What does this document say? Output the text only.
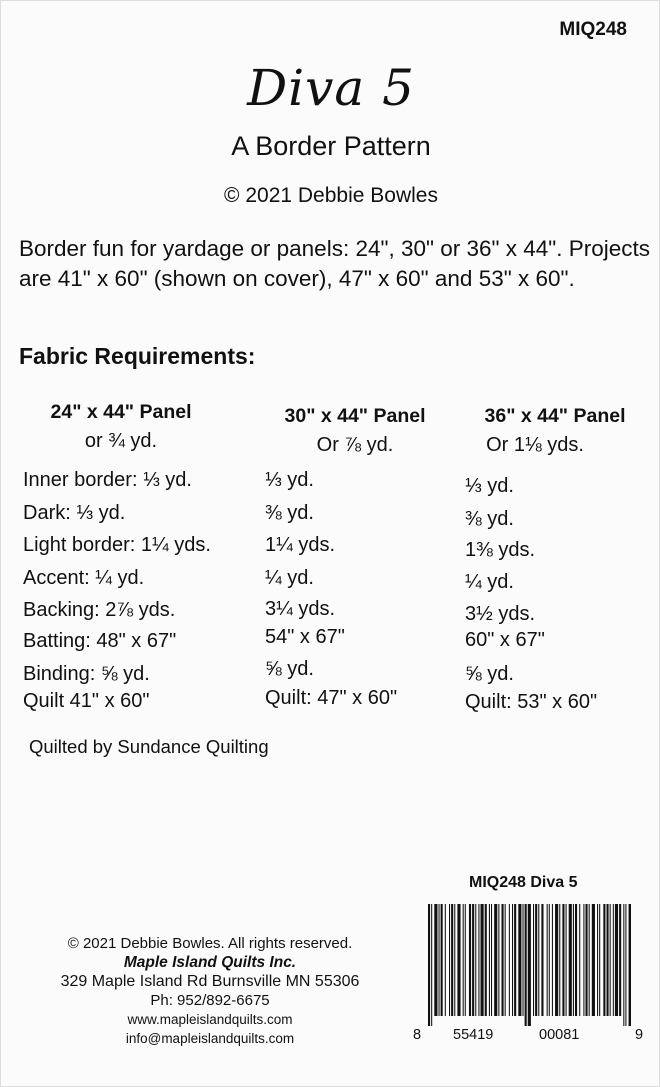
MIQ248
Diva 5
A Border Pattern
© 2021 Debbie Bowles
Border fun for yardage or panels: 24", 30" or 36" x 44". Projects are 41" x 60" (shown on cover), 47" x 60" and 53" x 60".
Fabric Requirements:
24" x 44" Panel
or ¾ yd.
Inner border: ⅓ yd.
Dark: ⅓ yd.
Light border: 1¼ yds.
Accent: ¼ yd.
Backing: 2⅞ yds.
Batting: 48" x 67"
Binding: ⅝ yd.
Quilt 41" x 60"
30" x 44" Panel
Or ⅞ yd.
⅓ yd.
⅜ yd.
1¼ yds.
¼ yd.
3¼ yds.
54" x 67"
⅝ yd.
Quilt: 47" x 60"
36" x 44" Panel
Or 1⅛ yds.
⅓ yd.
⅜ yd.
1⅜ yds.
¼ yd.
3½ yds.
60" x 67"
⅝ yd.
Quilt: 53" x 60"
Quilted by Sundance Quilting
MIQ248 Diva 5
8 55419	00081	9
© 2021 Debbie Bowles. All rights reserved.
Maple Island Quilts Inc.
329 Maple Island Rd Burnsville MN 55306
Ph: 952/892-6675
www.mapleislandquilts.com
info@mapleislandquilts.com
